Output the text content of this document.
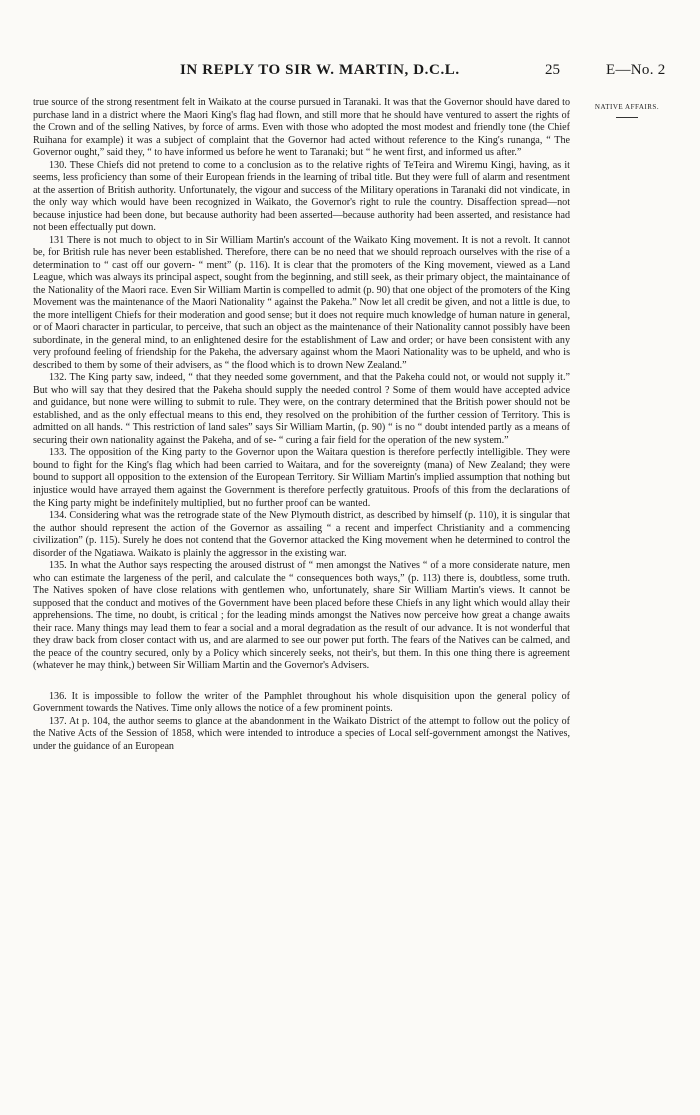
IN REPLY TO SIR W. MARTIN, D.C.L.	25	E—No. 2
NATIVE AFFAIRS.

true source of the strong resentment felt in Waikato at the course pursued in Taranaki. It was that the Governor should have dared to purchase land in a district where the Maori King's flag had flown, and still more that he should have ventured to assert the rights of the Crown and of the selling Natives, by force of arms. Even with those who adopted the most modest and friendly tone (the Chief Ruihana for example) it was a subject of complaint that the Governor had acted without reference to the King's runanga, “ The Governor ought,” said they, “ to have informed us before he went to Taranaki; but “ he went first, and informed us after.”

130. These Chiefs did not pretend to come to a conclusion as to the relative rights of TeTeira and Wiremu Kingi, having, as it seems, less proficiency than some of their European friends in the learning of tribal title. But they were full of alarm and resentment at the assertion of British authority. Unfortunately, the vigour and success of the Military operations in Taranaki did not vindicate, in the only way which would have been recognized in Waikato, the Governor's right to rule the country. Disaffection spread—not because injustice had been done, but because authority had been asserted—because authority had been asserted, and resistance had not been effectually put down.

131 There is not much to object to in Sir William Martin's account of the Waikato King movement. It is not a revolt. It cannot be, for British rule has never been established. Therefore, there can be no need that we should reproach ourselves with the rise of a determination to “ cast off our govern- “ ment” (p. 116). It is clear that the promoters of the King movement, viewed as a Land League, which was always its principal aspect, sought from the beginning, and still seek, as their primary object, the maintainance of the Nationality of the Maori race. Even Sir William Martin is compelled to admit (p. 90) that one object of the promoters of the King Movement was the maintenance of the Maori Nationality “ against the Pakeha.” Now let all credit be given, and not a little is due, to the more intelligent Chiefs for their moderation and good sense; but it does not require much knowledge of human nature in general, or of Maori character in particular, to perceive, that such an object as the maintenance of their Nationality cannot possibly have been subordinate, in the general mind, to an enlightened desire for the establishment of Law and order; or have been consistent with any very profound feeling of friendship for the Pakeha, the adversary against whom the Maori Nationality was to be upheld, and who is described to them by some of their advisers, as “ the flood which is to drown New Zealand.”

132. The King party saw, indeed, “ that they needed some government, and that the Pakeha could not, or would not supply it.” But who will say that they desired that the Pakeha should supply the needed control ? Some of them would have accepted advice and guidance, but none were willing to submit to rule. They were, on the contrary determined that the British power should not be established, and as the only effectual means to this end, they resolved on the prohibition of the further cession of Territory. This is admitted on all hands. “ This restriction of land sales” says Sir William Martin, (p. 90) “ is no “ doubt intended partly as a means of securing their own nationality against the Pakeha, and of se- “ curing a fair field for the operation of the new system.”

133. The opposition of the King party to the Governor upon the Waitara question is therefore perfectly intelligible. They were bound to fight for the King's flag which had been carried to Waitara, and for the sovereignty (mana) of New Zealand; they were bound to support all opposition to the extension of the European Territory. Sir William Martin's implied assumption that nothing but injustice would have arrayed them against the Government is therefore perfectly gratuitous. Proofs of this from the declarations of the King party might be indefinitely multiplied, but no further proof can be wanted.

134. Considering what was the retrograde state of the New Plymouth district, as described by himself (p. 110), it is singular that the author should represent the action of the Governor as assailing “ a recent and imperfect Christianity and a commencing civilization” (p. 115). Surely he does not contend that the Governor attacked the King movement when he determined to control the disorder of the Ngatiawa. Waikato is plainly the aggressor in the existing war.

135. In what the Author says respecting the aroused distrust of “ men amongst the Natives “ of a more considerate nature, men who can estimate the largeness of the peril, and calculate the “ consequences both ways,” (p. 113) there is, doubtless, some truth. The Natives spoken of have close relations with gentlemen who, unfortunately, share Sir William Martin's views. It cannot be supposed that the conduct and motives of the Government have been placed before these Chiefs in any light which would allay their apprehensions. The time, no doubt, is critical ; for the leading minds amongst the Natives now perceive how great a change awaits their race. Many things may lead them to fear a social and a moral degradation as the result of our advance. It is not wonderful that they draw back from closer contact with us, and are alarmed to see our power put forth. The fears of the Natives can be calmed, and the peace of the country secured, only by a Policy which sincerely seeks, not their's, but them. In this one thing there is agreement (whatever he may think,) between Sir William Martin and the Governor's Advisers.

136. It is impossible to follow the writer of the Pamphlet throughout his whole disquisition upon the general policy of Government towards the Natives. Time only allows the notice of a few prominent points.

137. At p. 104, the author seems to glance at the abandonment in the Waikato District of the attempt to follow out the policy of the Native Acts of the Session of 1858, which were intended to introduce a species of Local self-government amongst the Natives, under the guidance of an European
